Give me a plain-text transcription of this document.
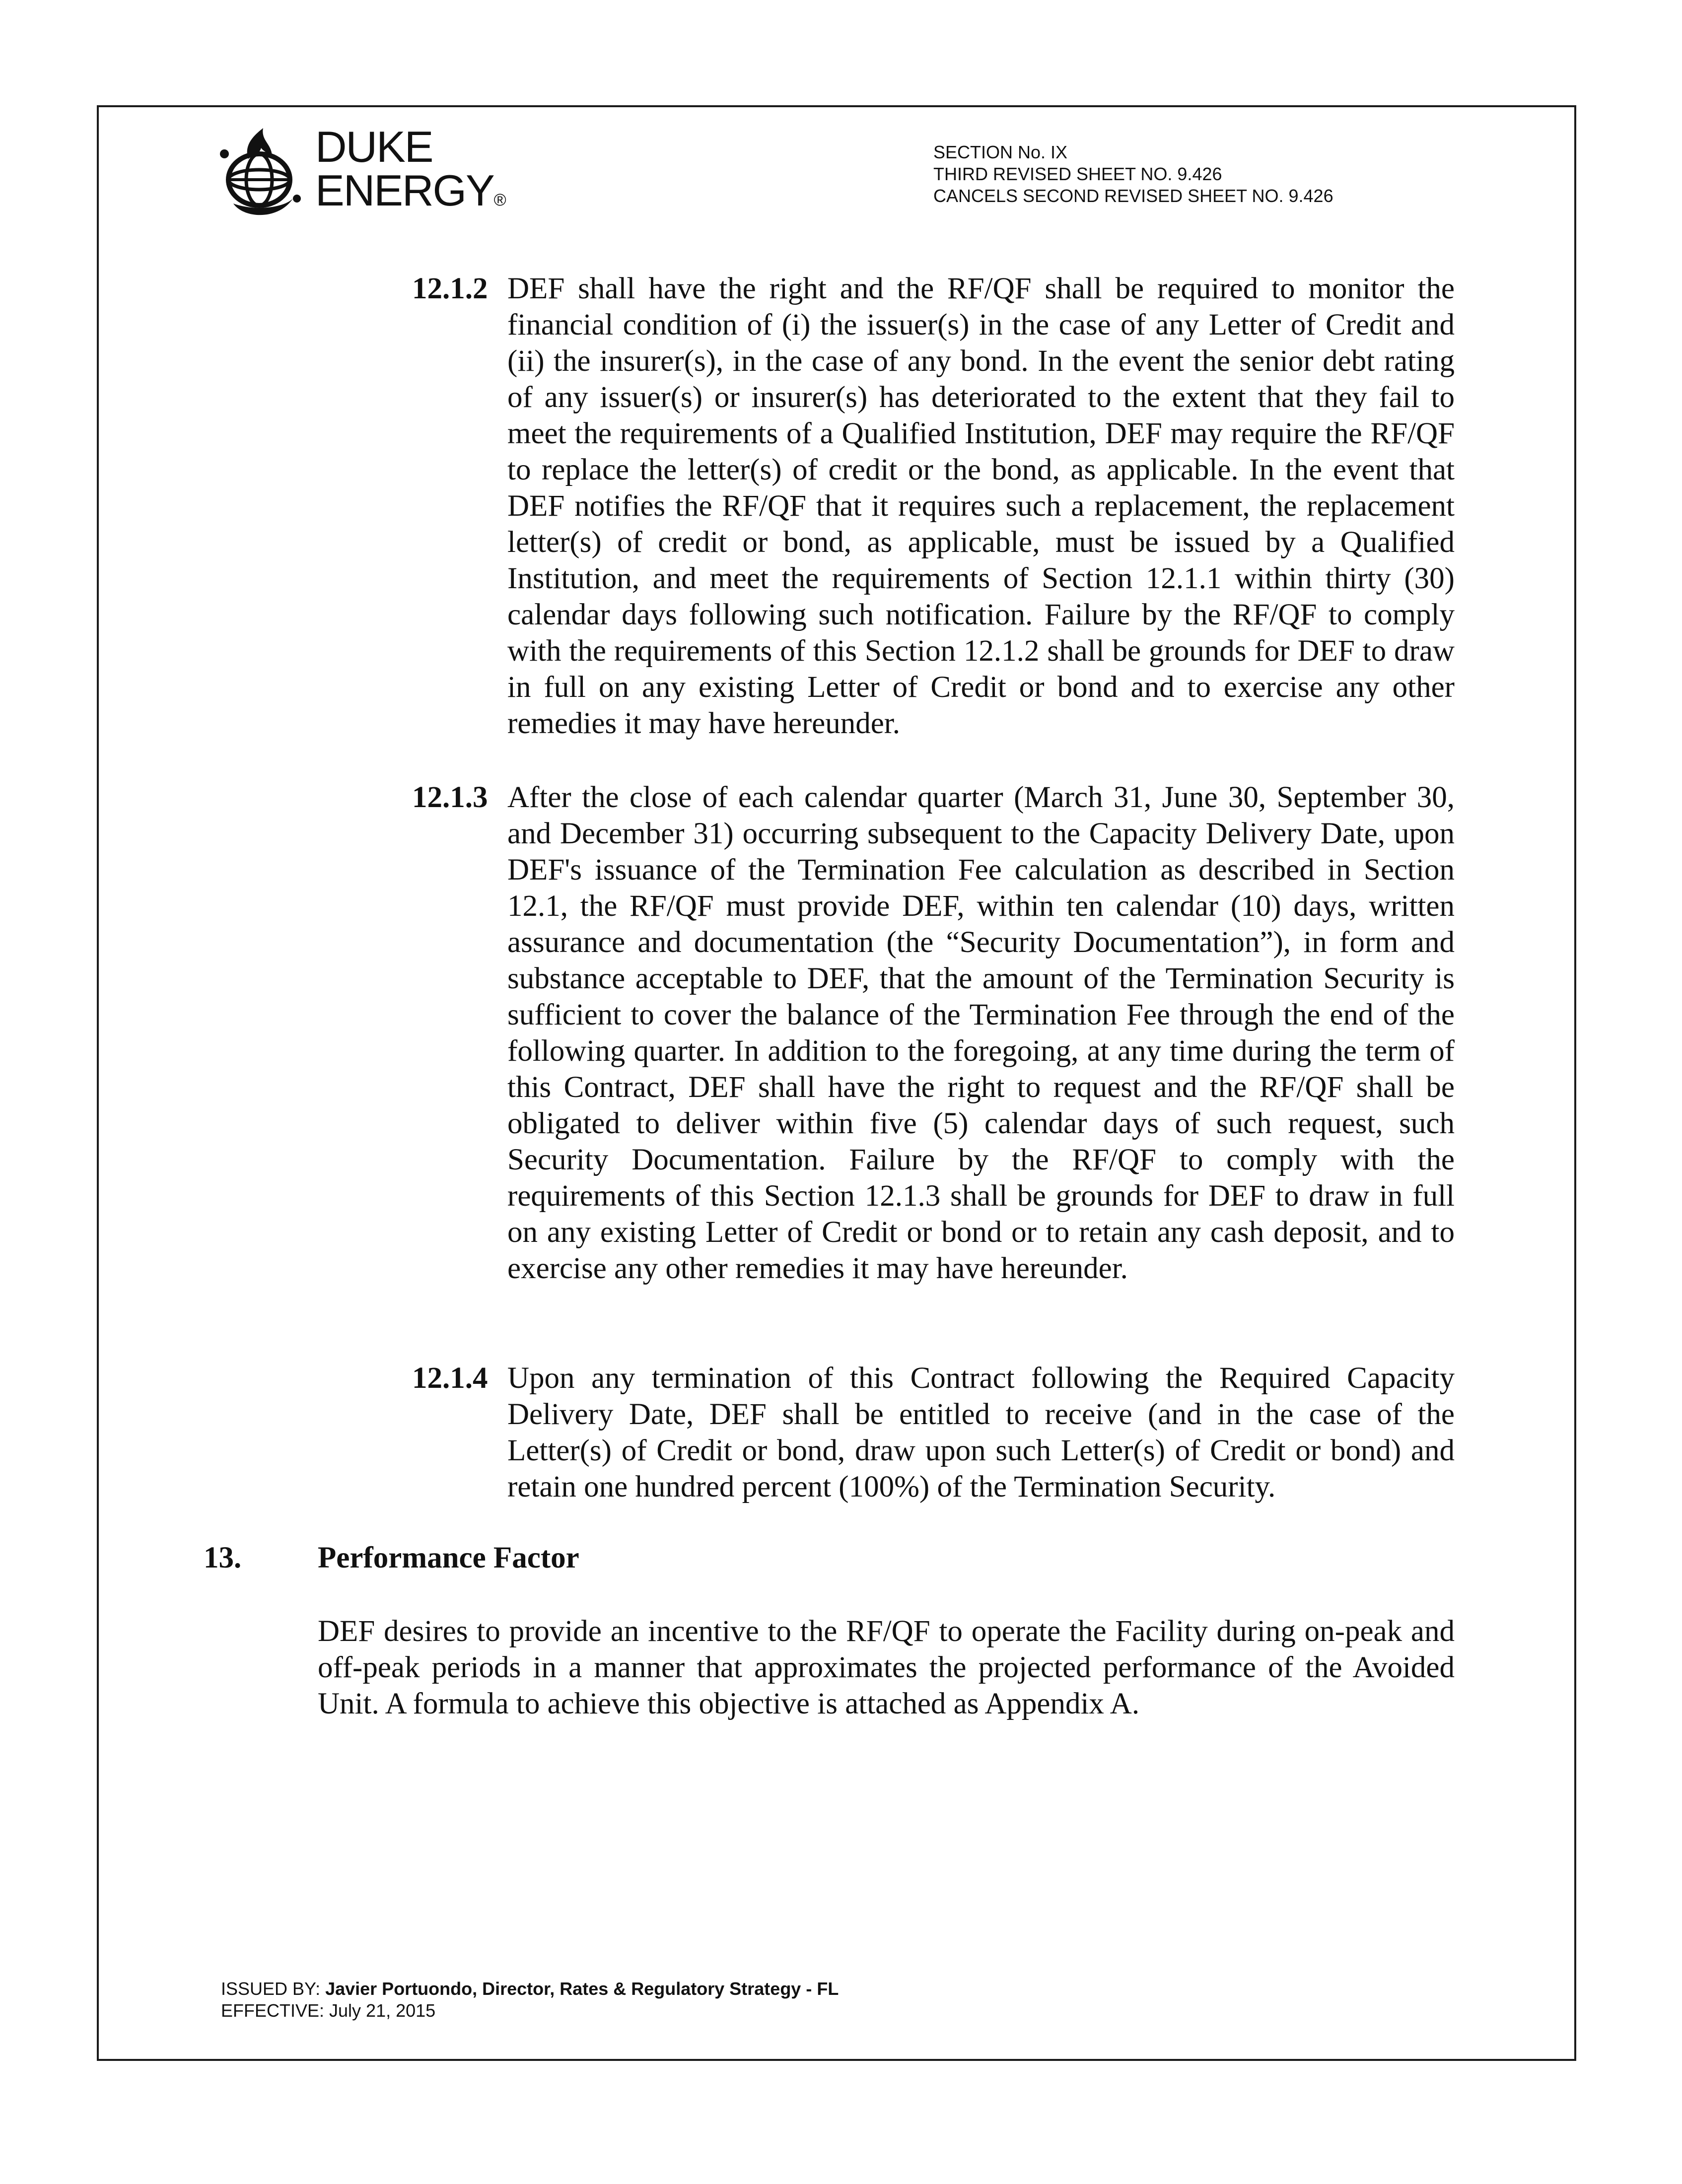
DUKE
ENERGY®
SECTION No. IX
THIRD REVISED SHEET NO. 9.426
CANCELS SECOND REVISED SHEET NO. 9.426
12.1.2 DEF shall have the right and the RF/QF shall be required to monitor the financial condition of (i) the issuer(s) in the case of any Letter of Credit and (ii) the insurer(s), in the case of any bond. In the event the senior debt rating of any issuer(s) or insurer(s) has deteriorated to the extent that they fail to meet the requirements of a Qualified Institution, DEF may require the RF/QF to replace the letter(s) of credit or the bond, as applicable. In the event that DEF notifies the RF/QF that it requires such a replacement, the replacement letter(s) of credit or bond, as applicable, must be issued by a Qualified Institution, and meet the requirements of Section 12.1.1 within thirty (30) calendar days following such notification. Failure by the RF/QF to comply with the requirements of this Section 12.1.2 shall be grounds for DEF to draw in full on any existing Letter of Credit or bond and to exercise any other remedies it may have hereunder.
12.1.3 After the close of each calendar quarter (March 31, June 30, September 30, and December 31) occurring subsequent to the Capacity Delivery Date, upon DEF's issuance of the Termination Fee calculation as described in Section 12.1, the RF/QF must provide DEF, within ten calendar (10) days, written assurance and documentation (the “Security Documentation”), in form and substance acceptable to DEF, that the amount of the Termination Security is sufficient to cover the balance of the Termination Fee through the end of the following quarter. In addition to the foregoing, at any time during the term of this Contract, DEF shall have the right to request and the RF/QF shall be obligated to deliver within five (5) calendar days of such request, such Security Documentation. Failure by the RF/QF to comply with the requirements of this Section 12.1.3 shall be grounds for DEF to draw in full on any existing Letter of Credit or bond or to retain any cash deposit, and to exercise any other remedies it may have hereunder.
12.1.4 Upon any termination of this Contract following the Required Capacity Delivery Date, DEF shall be entitled to receive (and in the case of the Letter(s) of Credit or bond, draw upon such Letter(s) of Credit or bond) and retain one hundred percent (100%) of the Termination Security.
13.	Performance Factor
DEF desires to provide an incentive to the RF/QF to operate the Facility during on-peak and off-peak periods in a manner that approximates the projected performance of the Avoided Unit. A formula to achieve this objective is attached as Appendix A.
ISSUED BY: Javier Portuondo, Director, Rates & Regulatory Strategy - FL
EFFECTIVE: July 21, 2015
